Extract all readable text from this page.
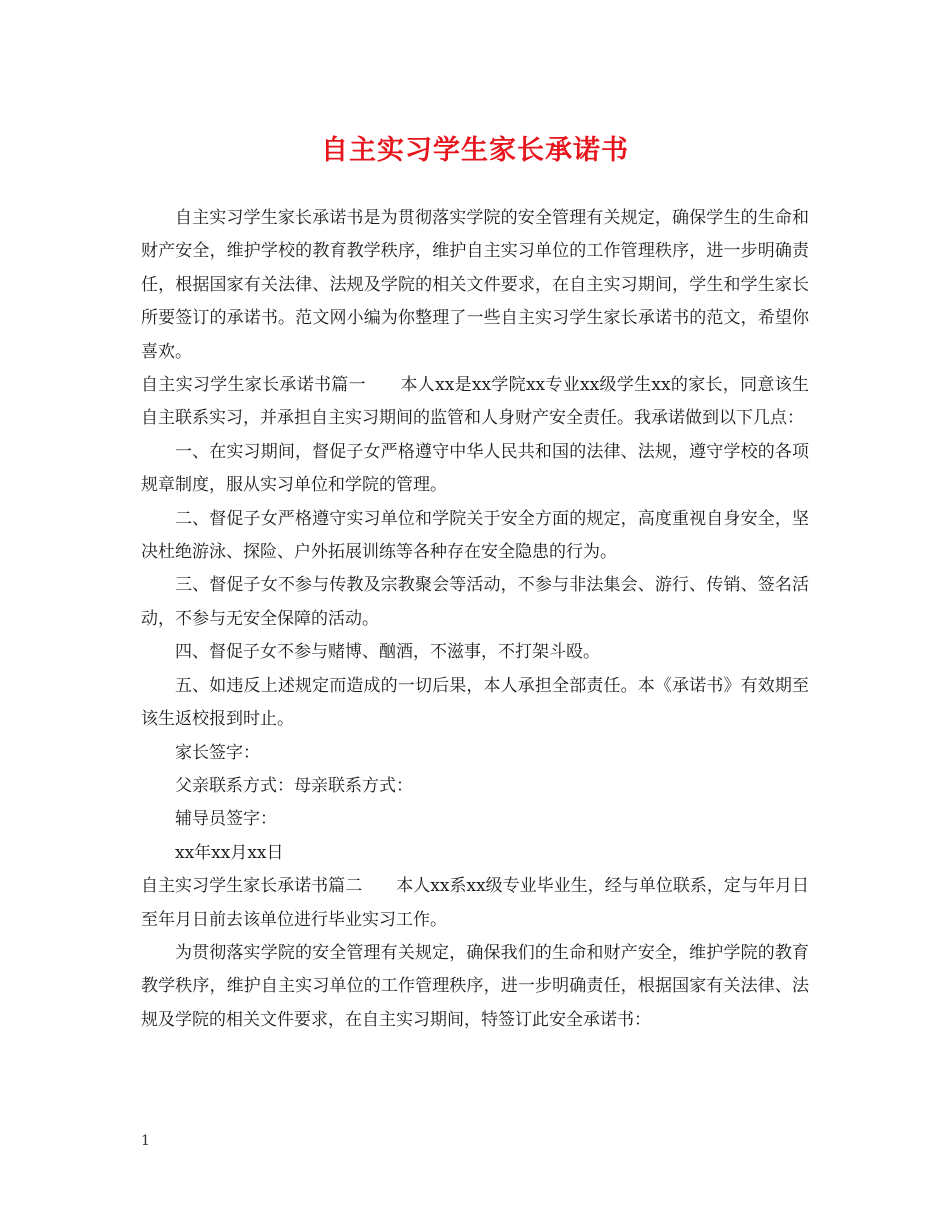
自主实习学生家长承诺书

自主实习学生家长承诺书是为贯彻落实学院的安全管理有关规定，确保学生的生命和财产安全，维护学校的教育教学秩序，维护自主实习单位的工作管理秩序，进一步明确责任，根据国家有关法律、法规及学院的相关文件要求，在自主实习期间，学生和学生家长所要签订的承诺书。范文网小编为你整理了一些自主实习学生家长承诺书的范文，希望你喜欢。

自主实习学生家长承诺书篇一　　本人xx是xx学院xx专业xx级学生xx的家长，同意该生自主联系实习，并承担自主实习期间的监管和人身财产安全责任。我承诺做到以下几点：

一、在实习期间，督促子女严格遵守中华人民共和国的法律、法规，遵守学校的各项规章制度，服从实习单位和学院的管理。

二、督促子女严格遵守实习单位和学院关于安全方面的规定，高度重视自身安全，坚决杜绝游泳、探险、户外拓展训练等各种存在安全隐患的行为。

三、督促子女不参与传教及宗教聚会等活动，不参与非法集会、游行、传销、签名活动，不参与无安全保障的活动。

四、督促子女不参与赌博、酗酒，不滋事，不打架斗殴。

五、如违反上述规定而造成的一切后果，本人承担全部责任。本《承诺书》有效期至该生返校报到时止。

家长签字：

父亲联系方式：母亲联系方式：

辅导员签字：

xx年xx月xx日

自主实习学生家长承诺书篇二　　本人xx系xx级专业毕业生，经与单位联系，定与年月日至年月日前去该单位进行毕业实习工作。

为贯彻落实学院的安全管理有关规定，确保我们的生命和财产安全，维护学院的教育教学秩序，维护自主实习单位的工作管理秩序，进一步明确责任，根据国家有关法律、法规及学院的相关文件要求，在自主实习期间，特签订此安全承诺书：

1
